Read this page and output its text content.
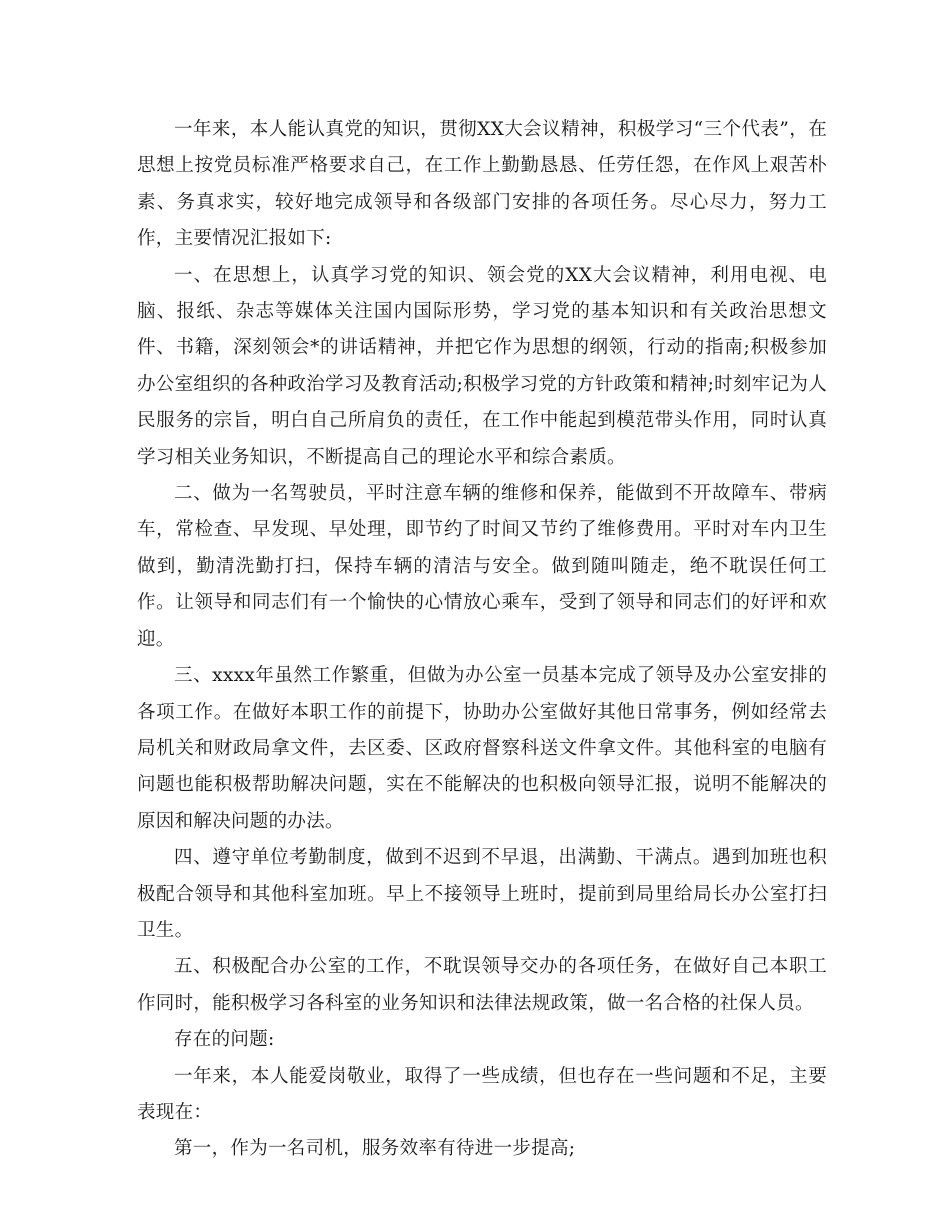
一年来，本人能认真党的知识，贯彻XX大会议精神，积极学习“三个代表”，在思想上按党员标准严格要求自己，在工作上勤勤恳恳、任劳任怨，在作风上艰苦朴素、务真求实，较好地完成领导和各级部门安排的各项任务。尽心尽力，努力工作，主要情况汇报如下:

一、在思想上，认真学习党的知识、领会党的XX大会议精神，利用电视、电脑、报纸、杂志等媒体关注国内国际形势，学习党的基本知识和有关政治思想文件、书籍，深刻领会*的讲话精神，并把它作为思想的纲领，行动的指南;积极参加办公室组织的各种政治学习及教育活动;积极学习党的方针政策和精神;时刻牢记为人民服务的宗旨，明白自己所肩负的责任，在工作中能起到模范带头作用，同时认真学习相关业务知识，不断提高自己的理论水平和综合素质。

二、做为一名驾驶员，平时注意车辆的维修和保养，能做到不开故障车、带病车，常检查、早发现、早处理，即节约了时间又节约了维修费用。平时对车内卫生做到，勤清洗勤打扫，保持车辆的清洁与安全。做到随叫随走，绝不耽误任何工作。让领导和同志们有一个愉快的心情放心乘车，受到了领导和同志们的好评和欢迎。

三、xxxx年虽然工作繁重，但做为办公室一员基本完成了领导及办公室安排的各项工作。在做好本职工作的前提下，协助办公室做好其他日常事务，例如经常去局机关和财政局拿文件，去区委、区政府督察科送文件拿文件。其他科室的电脑有问题也能积极帮助解决问题，实在不能解决的也积极向领导汇报，说明不能解决的原因和解决问题的办法。

四、遵守单位考勤制度，做到不迟到不早退，出满勤、干满点。遇到加班也积极配合领导和其他科室加班。早上不接领导上班时，提前到局里给局长办公室打扫卫生。

五、积极配合办公室的工作，不耽误领导交办的各项任务，在做好自己本职工作同时，能积极学习各科室的业务知识和法律法规政策，做一名合格的社保人员。

存在的问题:

一年来，本人能爱岗敬业，取得了一些成绩，但也存在一些问题和不足，主要表现在：

第一，作为一名司机，服务效率有待进一步提高;
